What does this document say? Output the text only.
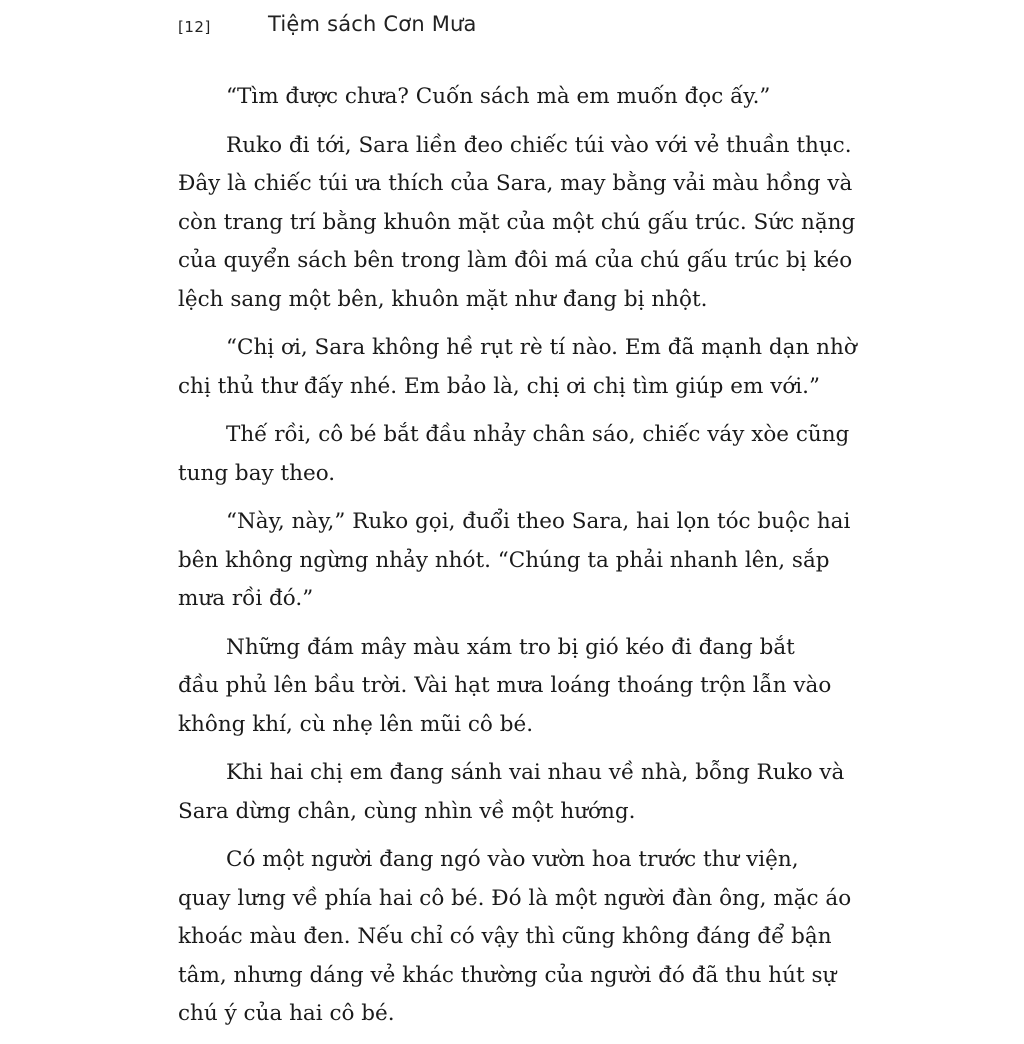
[12]	Tiệm sách Cơn Mưa
“Tìm được chưa? Cuốn sách mà em muốn đọc ấy.”
Ruko đi tới, Sara liền đeo chiếc túi vào với vẻ thuần thục.
Đây là chiếc túi ưa thích của Sara, may bằng vải màu hồng và
còn trang trí bằng khuôn mặt của một chú gấu trúc. Sức nặng
của quyển sách bên trong làm đôi má của chú gấu trúc bị kéo
lệch sang một bên, khuôn mặt như đang bị nhột.
“Chị ơi, Sara không hề rụt rè tí nào. Em đã mạnh dạn nhờ
chị thủ thư đấy nhé. Em bảo là, chị ơi chị tìm giúp em với.”
Thế rồi, cô bé bắt đầu nhảy chân sáo, chiếc váy xòe cũng
tung bay theo.
“Này, này,” Ruko gọi, đuổi theo Sara, hai lọn tóc buộc hai
bên không ngừng nhảy nhót. “Chúng ta phải nhanh lên, sắp
mưa rồi đó.”
Những đám mây màu xám tro bị gió kéo đi đang bắt
đầu phủ lên bầu trời. Vài hạt mưa loáng thoáng trộn lẫn vào
không khí, cù nhẹ lên mũi cô bé.
Khi hai chị em đang sánh vai nhau về nhà, bỗng Ruko và
Sara dừng chân, cùng nhìn về một hướng.
Có một người đang ngó vào vườn hoa trước thư viện,
quay lưng về phía hai cô bé. Đó là một người đàn ông, mặc áo
khoác màu đen. Nếu chỉ có vậy thì cũng không đáng để bận
tâm, nhưng dáng vẻ khác thường của người đó đã thu hút sự
chú ý của hai cô bé.
